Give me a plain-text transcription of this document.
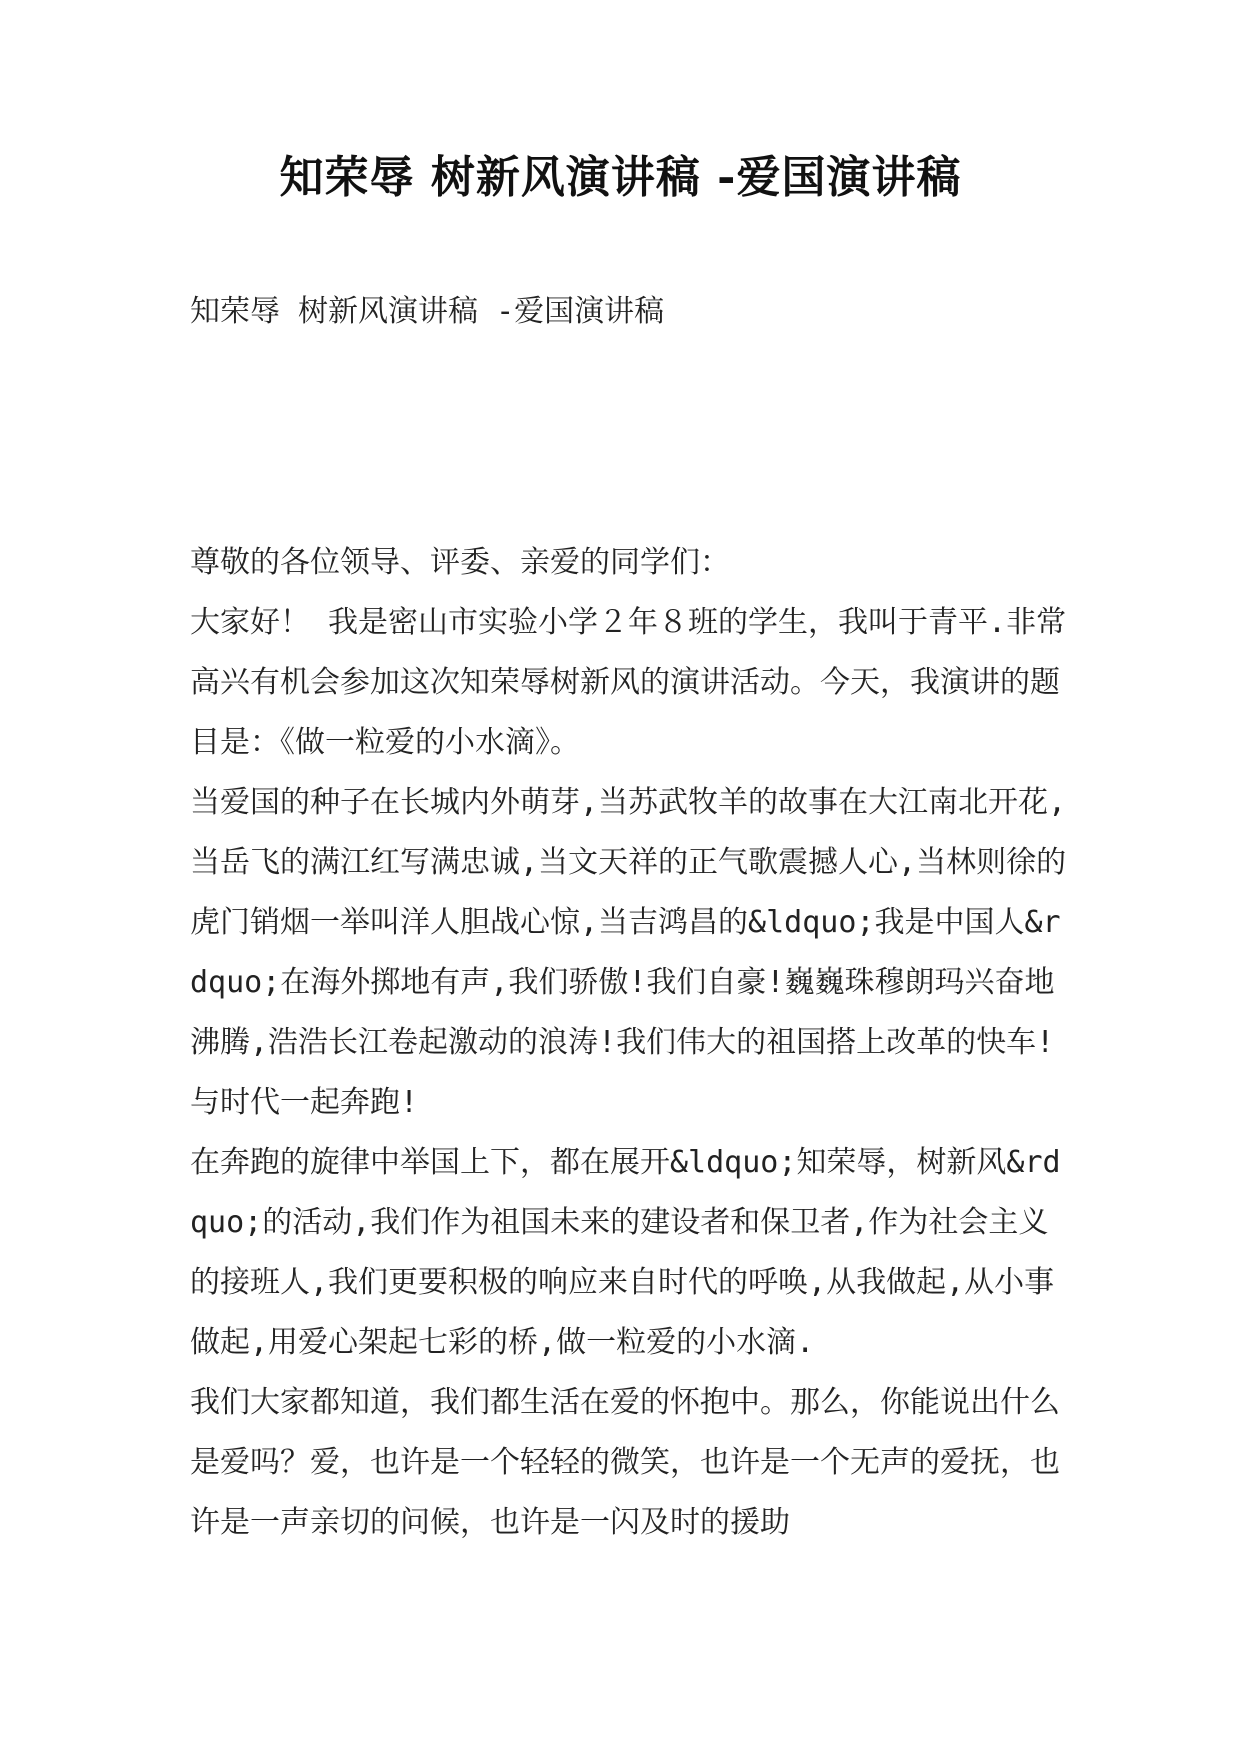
知荣辱 树新风演讲稿 -爱国演讲稿
知荣辱 树新风演讲稿 -爱国演讲稿

尊敬的各位领导、评委、亲爱的同学们：

大家好！ 我是密山市实验小学２年８班的学生，我叫于青平.非常高兴有机会参加这次知荣辱树新风的演讲活动。今天，我演讲的题目是：《做一粒爱的小水滴》。

当爱国的种子在长城内外萌芽,当苏武牧羊的故事在大江南北开花,当岳飞的满江红写满忠诚,当文天祥的正气歌震撼人心,当林则徐的虎门销烟一举叫洋人胆战心惊,当吉鸿昌的&ldquo;我是中国人&rdquo;在海外掷地有声,我们骄傲!我们自豪!巍巍珠穆朗玛兴奋地沸腾,浩浩长江卷起激动的浪涛!我们伟大的祖国搭上改革的快车!与时代一起奔跑!

在奔跑的旋律中举国上下，都在展开&ldquo;知荣辱，树新风&rdquo;的活动,我们作为祖国未来的建设者和保卫者,作为社会主义的接班人,我们更要积极的响应来自时代的呼唤,从我做起,从小事做起,用爱心架起七彩的桥,做一粒爱的小水滴.

我们大家都知道，我们都生活在爱的怀抱中。那么，你能说出什么是爱吗？爱，也许是一个轻轻的微笑，也许是一个无声的爱抚，也许是一声亲切的问候，也许是一闪及时的援助
